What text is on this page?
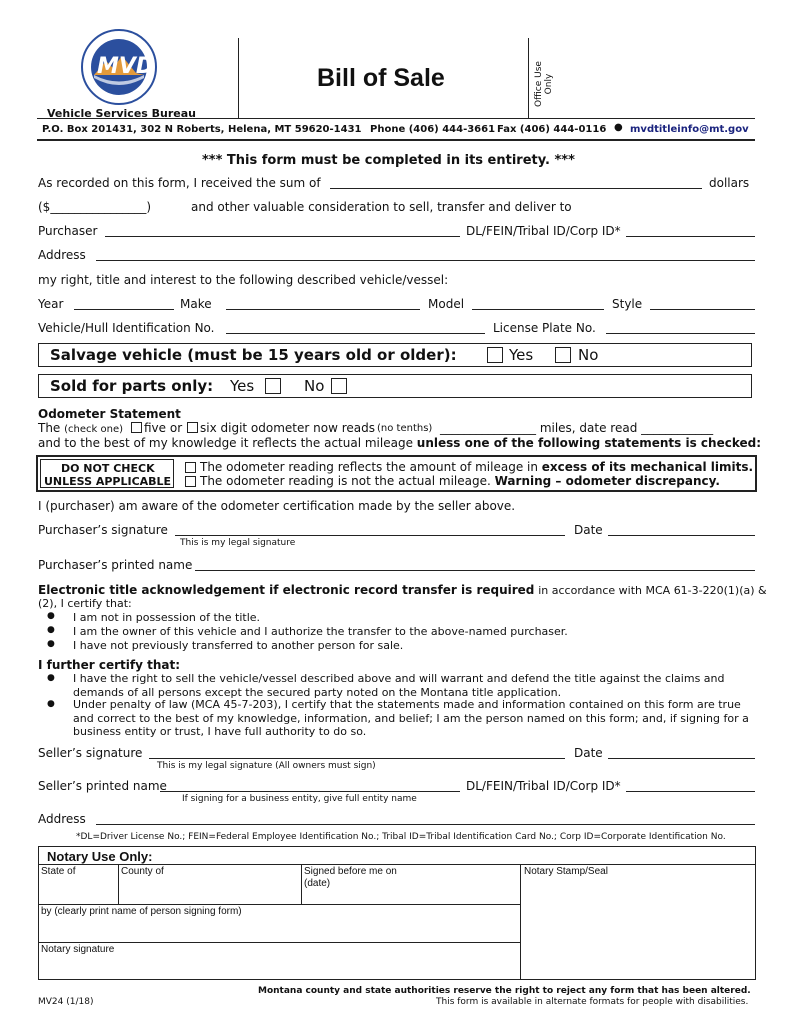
MVD
Vehicle Services Bureau
Bill of Sale	Office Use Only
P.O. Box 201431, 302 N Roberts, Helena, MT 59620-1431 Phone (406) 444-3661 Fax (406) 444-0116 ● mvdtitleinfo@mt.gov
*** This form must be completed in its entirety. ***
As recorded on this form, I received the sum of	dollars
($________________)	and other valuable consideration to sell, transfer and deliver to
Purchaser	DL/FEIN/Tribal ID/Corp ID*
Address
my right, title and interest to the following described vehicle/vessel:
Year	Make	Model	Style
Vehicle/Hull Identification No.	License Plate No.
Salvage vehicle (must be 15 years old or older):	Yes	No
Sold for parts only: Yes	No
Odometer Statement
The (check one) five or six digit odometer now reads (no tenths) ________________ miles, date read ____________
and to the best of my knowledge it reflects the actual mileage unless one of the following statements is checked:
DO NOT CHECK
UNLESS APPLICABLE
The odometer reading reflects the amount of mileage in excess of its mechanical limits.
The odometer reading is not the actual mileage. Warning – odometer discrepancy.
I (purchaser) am aware of the odometer certification made by the seller above.
Purchaser’s signature	Date
This is my legal signature
Purchaser’s printed name
Electronic title acknowledgement if electronic record transfer is required in accordance with MCA 61-3-220(1)(a) &
(2), I certify that:
● I am not in possession of the title.
● I am the owner of this vehicle and I authorize the transfer to the above-named purchaser.
● I have not previously transferred to another person for sale.
I further certify that:
● I have the right to sell the vehicle/vessel described above and will warrant and defend the title against the claims and demands of all persons except the secured party noted on the Montana title application.
● Under penalty of law (MCA 45-7-203), I certify that the statements made and information contained on this form are true and correct to the best of my knowledge, information, and belief; I am the person named on this form; and, if signing for a business entity or trust, I have full authority to do so.
Seller’s signature	Date
This is my legal signature (All owners must sign)
Seller’s printed name	DL/FEIN/Tribal ID/Corp ID*
If signing for a business entity, give full entity name
Address
*DL=Driver License No.; FEIN=Federal Employee Identification No.; Tribal ID=Tribal Identification Card No.; Corp ID=Corporate Identification No.
Notary Use Only:
State of	County of	Signed before me on
(date)
Notary Stamp/Seal
by (clearly print name of person signing form)
Notary signature
Montana county and state authorities reserve the right to reject any form that has been altered.
MV24 (1/18)	This form is available in alternate formats for people with disabilities.
